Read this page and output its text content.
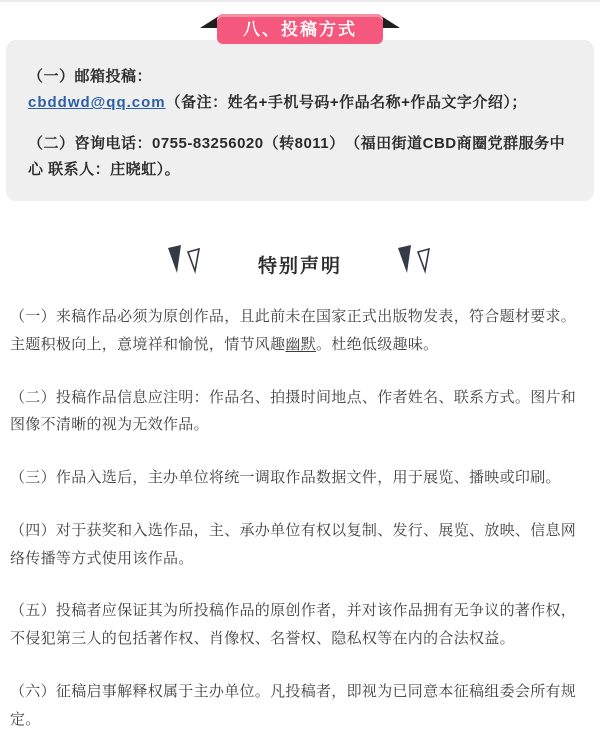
八、投稿方式

（一）邮箱投稿：

cbddwd@qq.com（备注：姓名+手机号码+作品名称+作品文字介绍）；

（二）咨询电话：0755-83256020（转8011）　（福田街道CBD商圈党群服务中心 联系人：庄晓虹）。

特别声明

（一）来稿作品必须为原创作品，且此前未在国家正式出版物发表，符合题材要求。主题积极向上，意境祥和愉悦，情节风趣幽默。杜绝低级趣味。

（二）投稿作品信息应注明：作品名、拍摄时间地点、作者姓名、联系方式。图片和图像不清晰的视为无效作品。

（三）作品入选后，主办单位将统一调取作品数据文件，用于展览、播映或印刷。

（四）对于获奖和入选作品，主、承办单位有权以复制、发行、展览、放映、信息网络传播等方式使用该作品。

（五）投稿者应保证其为所投稿作品的原创作者，并对该作品拥有无争议的著作权，不侵犯第三人的包括著作权、肖像权、名誉权、隐私权等在内的合法权益。

（六）征稿启事解释权属于主办单位。凡投稿者，即视为已同意本征稿组委会所有规定。
